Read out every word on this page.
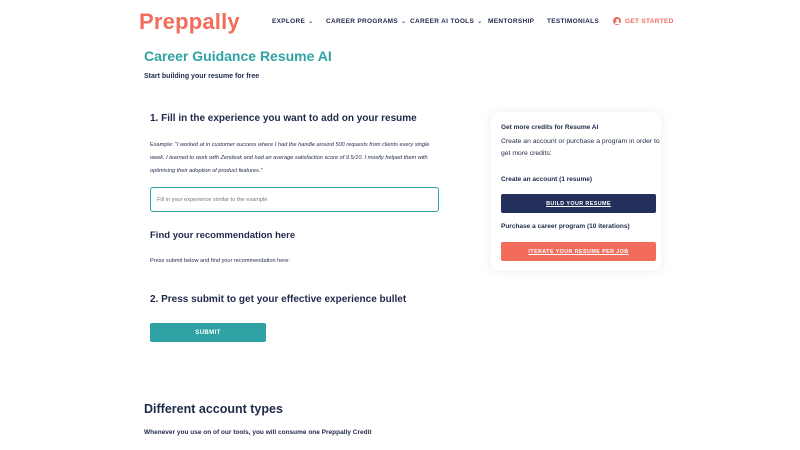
Preppally	EXPLORE ⌄ CAREER PROGRAMS ⌄ CAREER AI TOOLS ⌄ MENTORSHIP TESTIMONIALS	GET STARTED
Career Guidance Resume AI
Start building your resume for free
1. Fill in the experience you want to add on your resume
Example: "I worked at in customer success where I had the handle around 500 requests from clients every single week. I learned to work with Zendesk and had an average satisfaction score of 9.5/10. I mostly helped them with optimising their adoption of product features."
Fill in your experience similar to the example
Find your recommendation here
Press submit below and find your recommendation here:
2. Press submit to get your effective experience bullet
SUBMIT
Different account types
Whenever you use on of our tools, you will consume one Preppally Credit
Get more credits for Resume AI
Create an account or purchase a program in order to get more credits:
Create an account (1 resume)
BUILD YOUR RESUME
Purchase a career program (10 iterations)
ITERATE YOUR RESUME PER JOB
